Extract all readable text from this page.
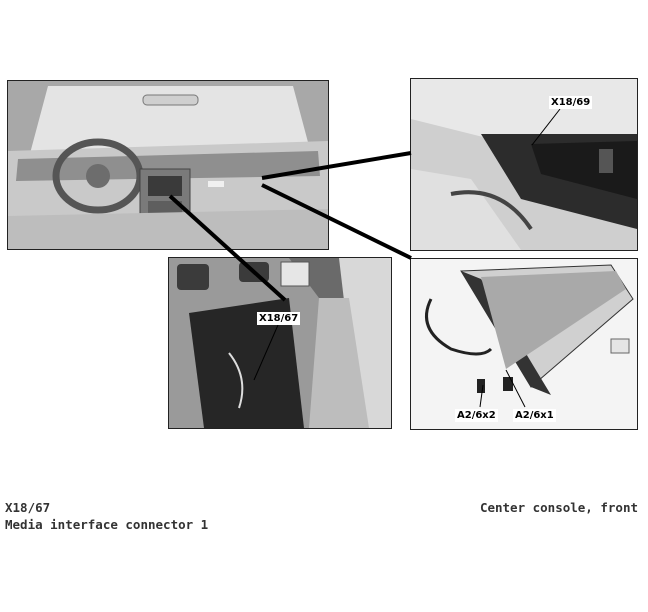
X18/69
X18/67
A2/6x2 A2/6x1
X18/67
Media interface connector 1
Center console, front
